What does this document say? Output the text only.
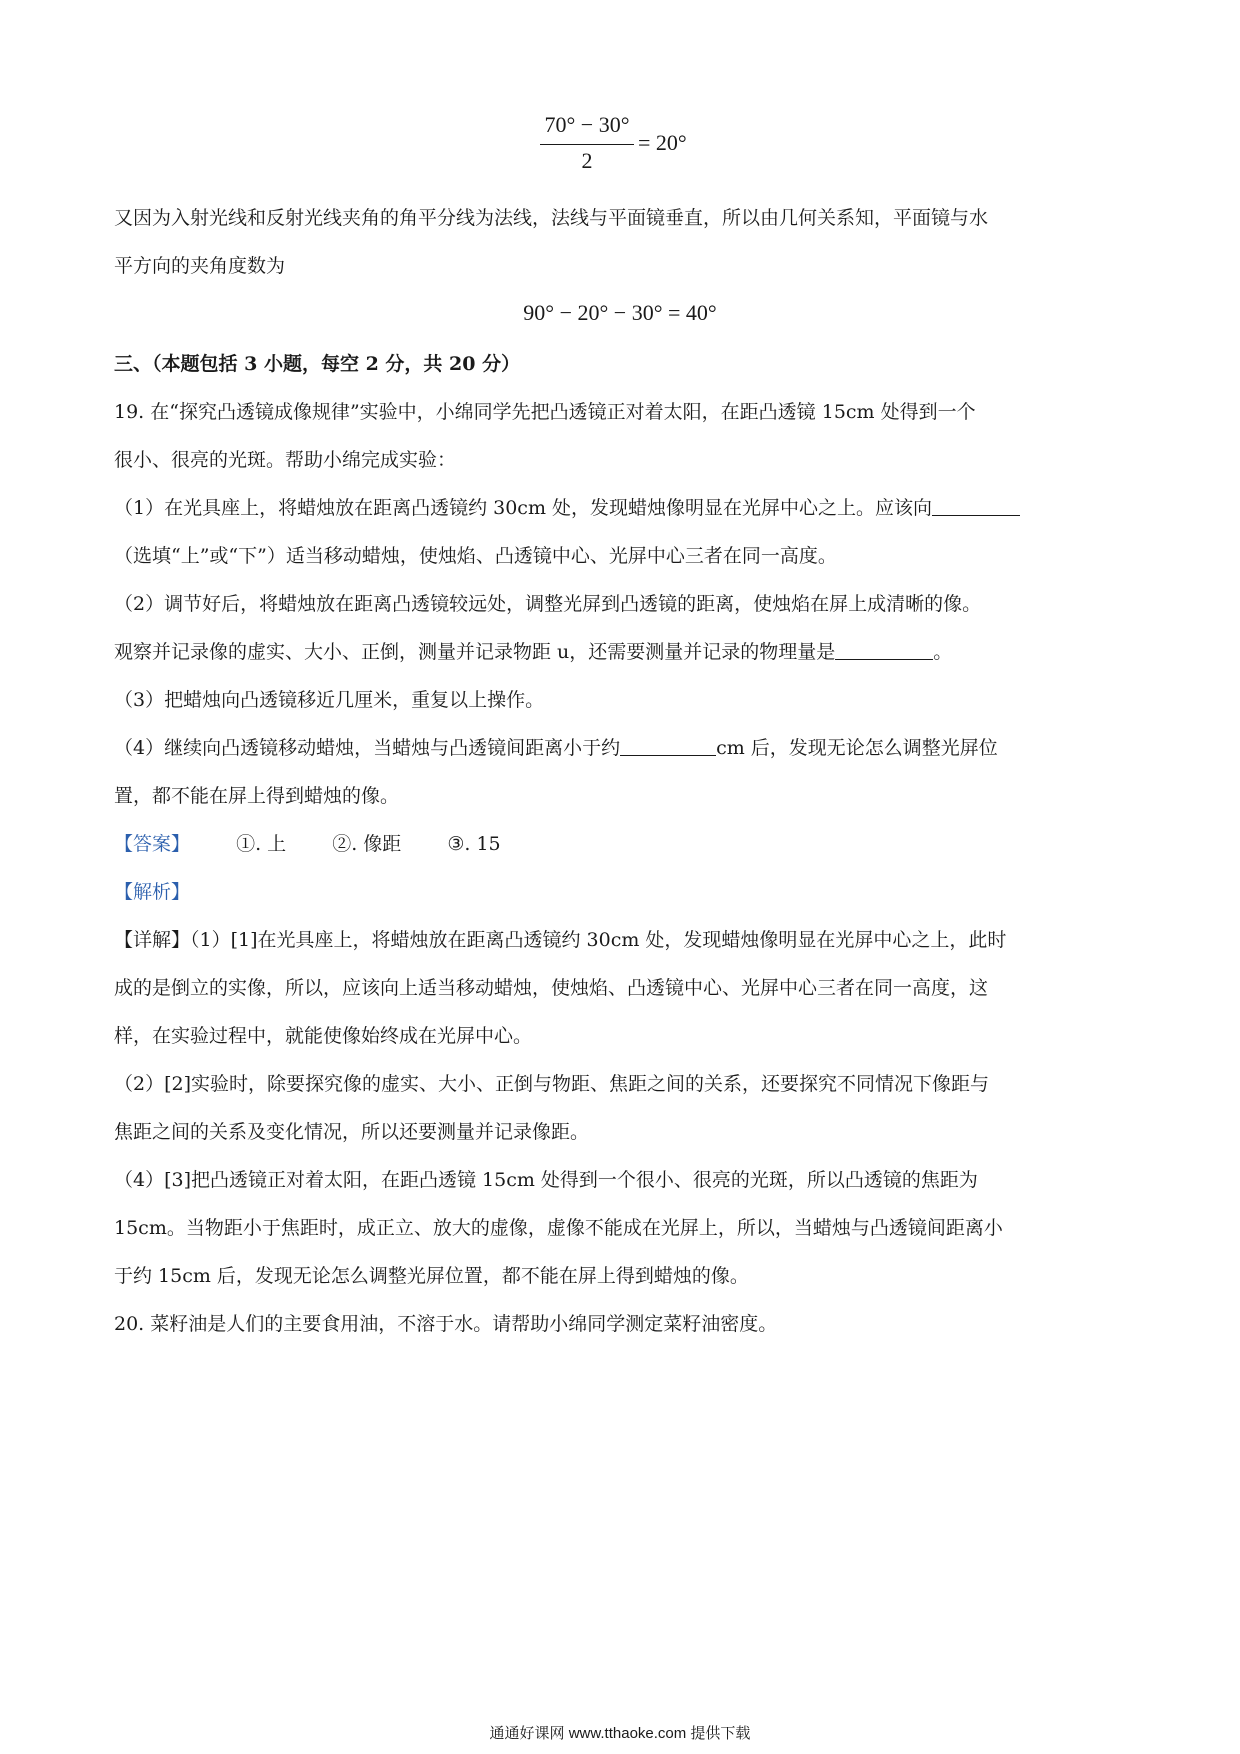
70° − 30°
2
= 20°
又因为入射光线和反射光线夹角的角平分线为法线，法线与平面镜垂直，所以由几何关系知，平面镜与水
平方向的夹角度数为
90° − 20° − 30° = 40°
三、（本题包括 3 小题，每空 2 分，共 20 分）
19. 在“探究凸透镜成像规律”实验中，小绵同学先把凸透镜正对着太阳，在距凸透镜 15cm 处得到一个
很小、很亮的光斑。帮助小绵完成实验：
（1）在光具座上，将蜡烛放在距离凸透镜约 30cm 处，发现蜡烛像明显在光屏中心之上。应该向
（选填“上”或“下”）适当移动蜡烛，使烛焰、凸透镜中心、光屏中心三者在同一高度。
（2）调节好后，将蜡烛放在距离凸透镜较远处，调整光屏到凸透镜的距离，使烛焰在屏上成清晰的像。
观察并记录像的虚实、大小、正倒，测量并记录物距 u，还需要测量并记录的物理量是	。
（3）把蜡烛向凸透镜移近几厘米，重复以上操作。
（4）继续向凸透镜移动蜡烛，当蜡烛与凸透镜间距离小于约	cm 后，发现无论怎么调整光屏位
置，都不能在屏上得到蜡烛的像。
【答案】 ①. 上 ②. 像距 ③. 15
【解析】
【详解】（1）[1]在光具座上，将蜡烛放在距离凸透镜约 30cm 处，发现蜡烛像明显在光屏中心之上，此时
成的是倒立的实像，所以，应该向上适当移动蜡烛，使烛焰、凸透镜中心、光屏中心三者在同一高度，这
样，在实验过程中，就能使像始终成在光屏中心。
（2）[2]实验时，除要探究像的虚实、大小、正倒与物距、焦距之间的关系，还要探究不同情况下像距与
焦距之间的关系及变化情况，所以还要测量并记录像距。
（4）[3]把凸透镜正对着太阳，在距凸透镜 15cm 处得到一个很小、很亮的光斑，所以凸透镜的焦距为
15cm。当物距小于焦距时，成正立、放大的虚像，虚像不能成在光屏上，所以，当蜡烛与凸透镜间距离小
于约 15cm 后，发现无论怎么调整光屏位置，都不能在屏上得到蜡烛的像。
20. 菜籽油是人们的主要食用油，不溶于水。请帮助小绵同学测定菜籽油密度。
通通好课网 www.tthaoke.com 提供下载
